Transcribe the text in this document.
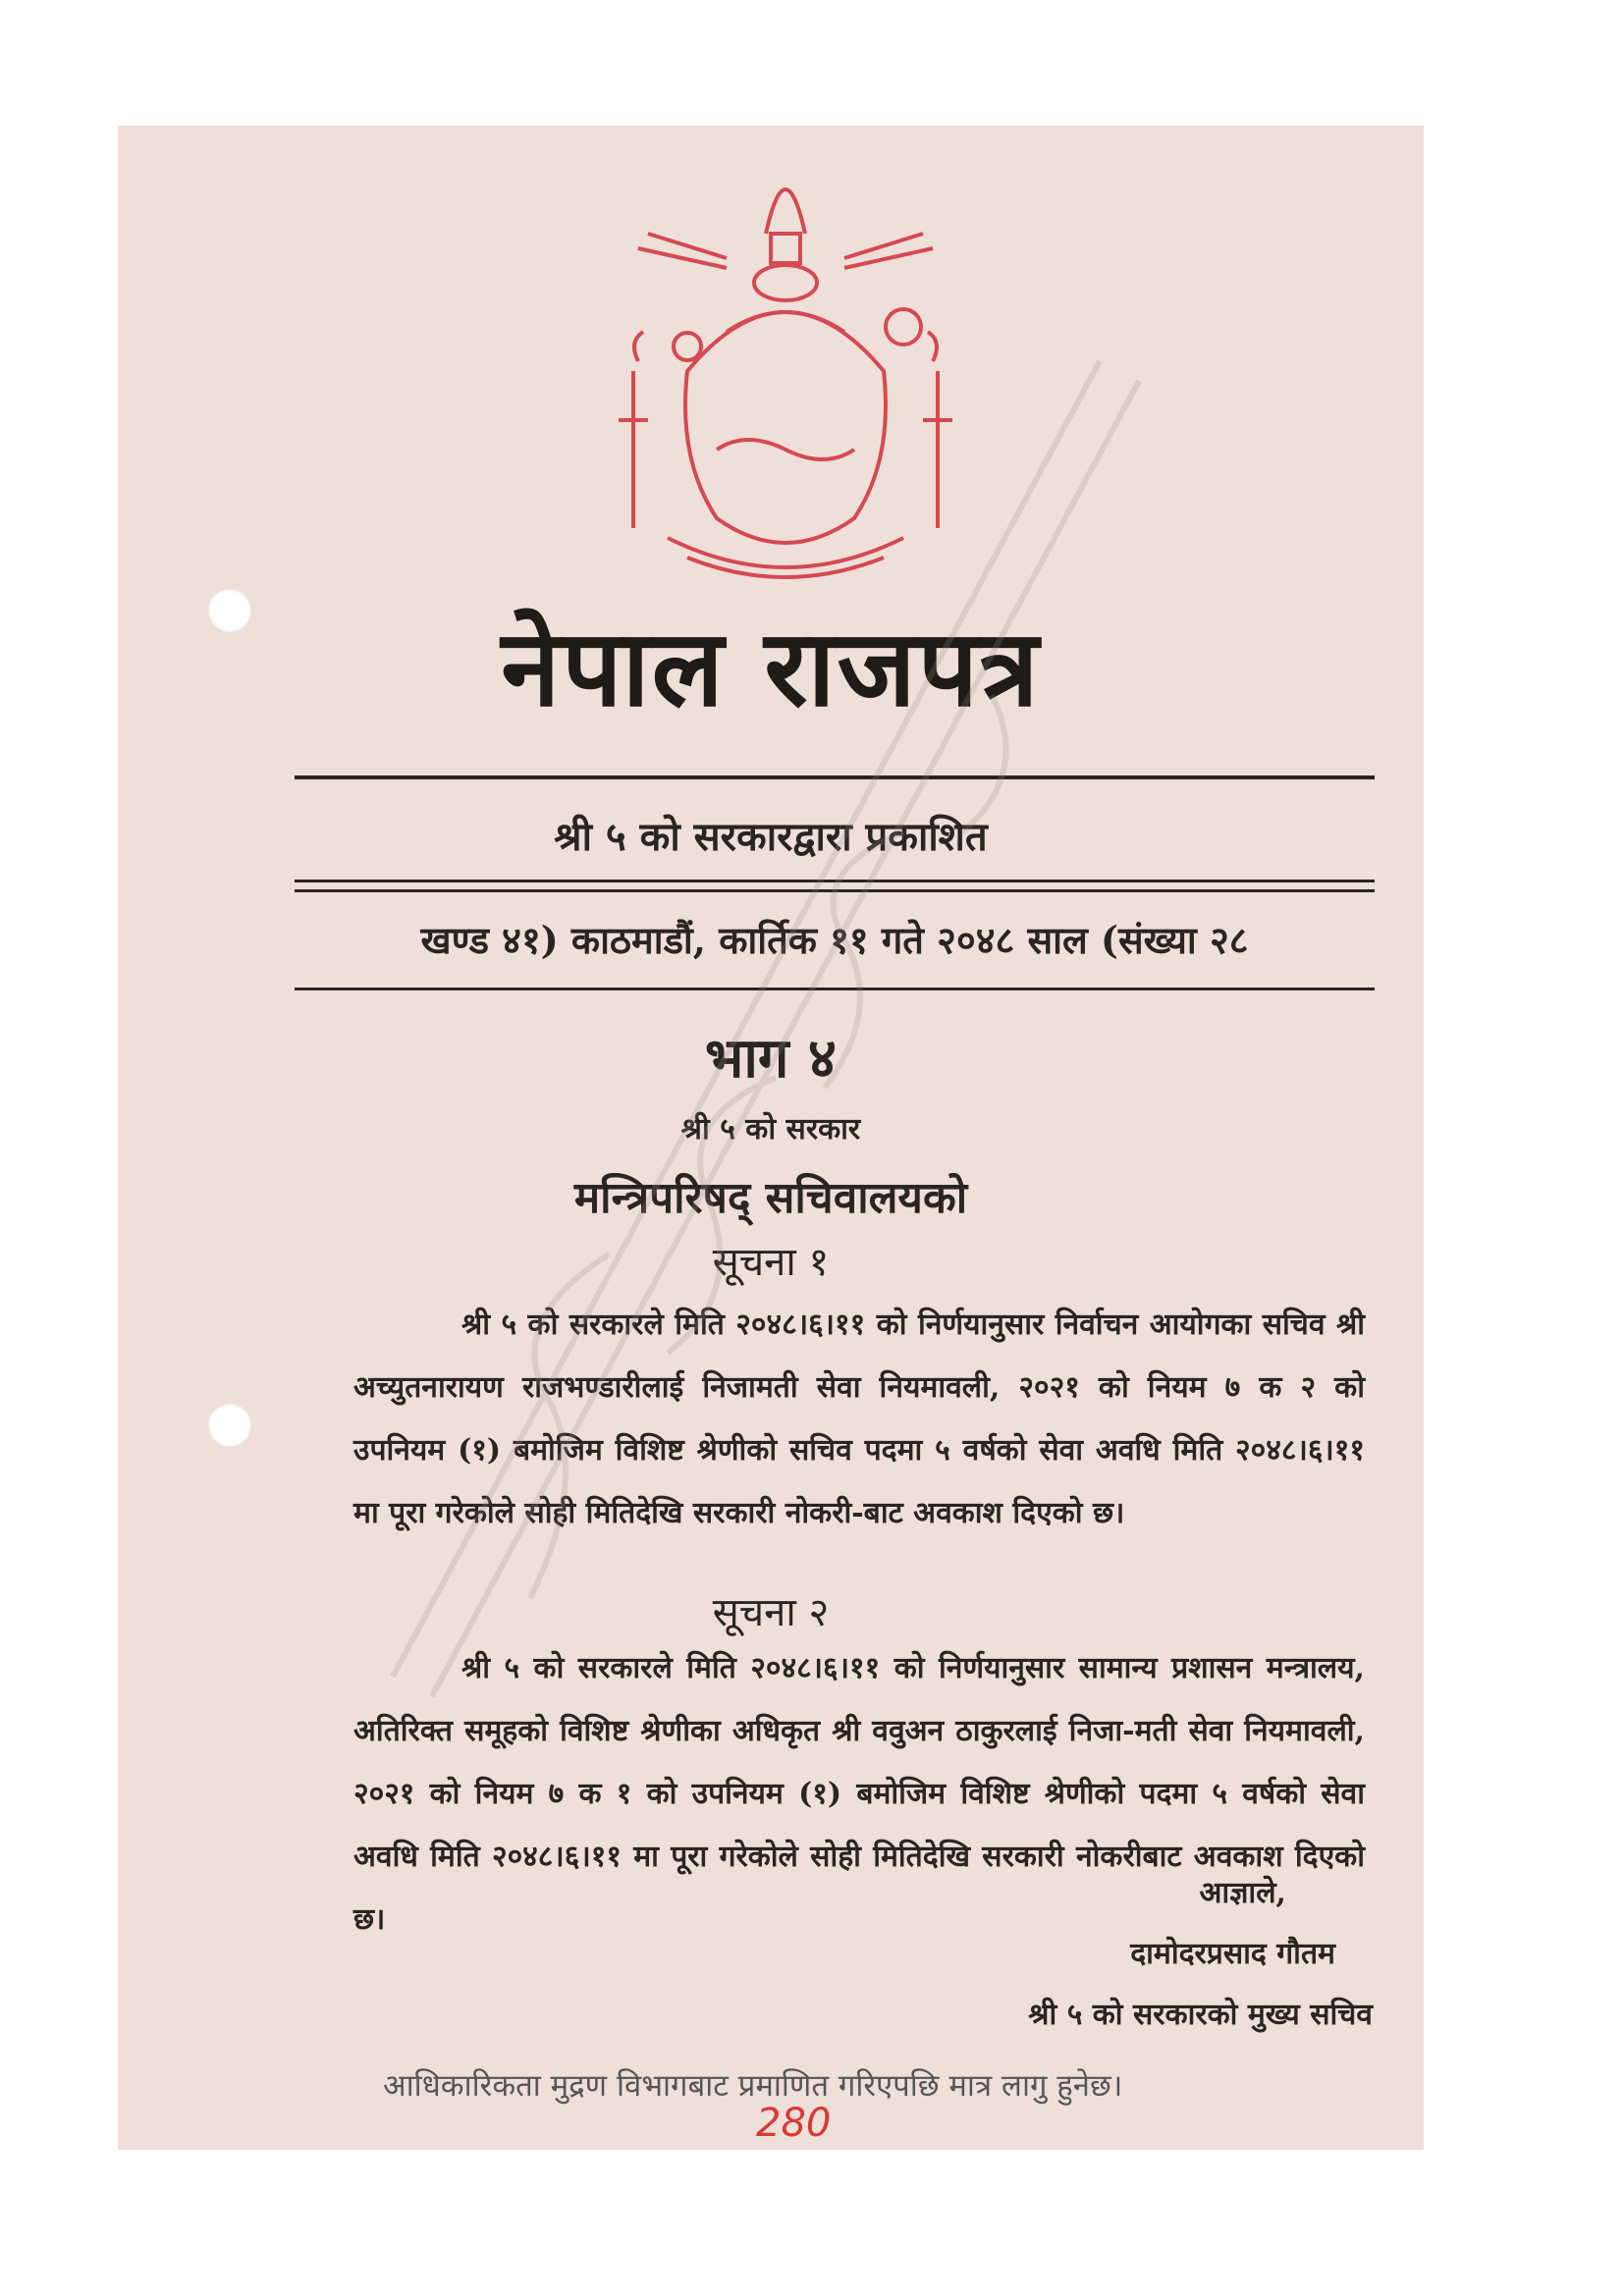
नेपाल राजपत्र
श्री ५ को सरकारद्वारा प्रकाशित
खण्ड ४१) काठमाडौं, कार्तिक ११ गते २०४८ साल (संख्या २८
भाग ४
श्री ५ को सरकार
मन्त्रिपरिषद् सचिवालयको
सूचना १
श्री ५ को सरकारले मिति २०४८।६।११ को निर्णयानुसार निर्वाचन आयोगका सचिव श्री अच्युतनारायण राजभण्डारीलाई निजामती सेवा नियमावली, २०२१ को नियम ७ क २ को उपनियम (१) बमोजिम विशिष्ट श्रेणीको सचिव पदमा ५ वर्षको सेवा अवधि मिति २०४८।६।११ मा पूरा गरेकोले सोही मितिदेखि सरकारी नोकरी-बाट अवकाश दिएको छ।
सूचना २
श्री ५ को सरकारले मिति २०४८।६।११ को निर्णयानुसार सामान्य प्रशासन मन्त्रालय, अतिरिक्त समूहको विशिष्ट श्रेणीका अधिकृत श्री ववुअन ठाकुरलाई निजा-मती सेवा नियमावली, २०२१ को नियम ७ क १ को उपनियम (१) बमोजिम विशिष्ट श्रेणीको पदमा ५ वर्षको सेवा अवधि मिति २०४८।६।११ मा पूरा गरेकोले सोही मितिदेखि सरकारी नोकरीबाट अवकाश दिएको छ।
आज्ञाले,
दामोदरप्रसाद गौतम
श्री ५ को सरकारको मुख्य सचिव
आधिकारिकता मुद्रण विभागबाट प्रमाणित गरिएपछि मात्र लागु हुनेछ।
280
